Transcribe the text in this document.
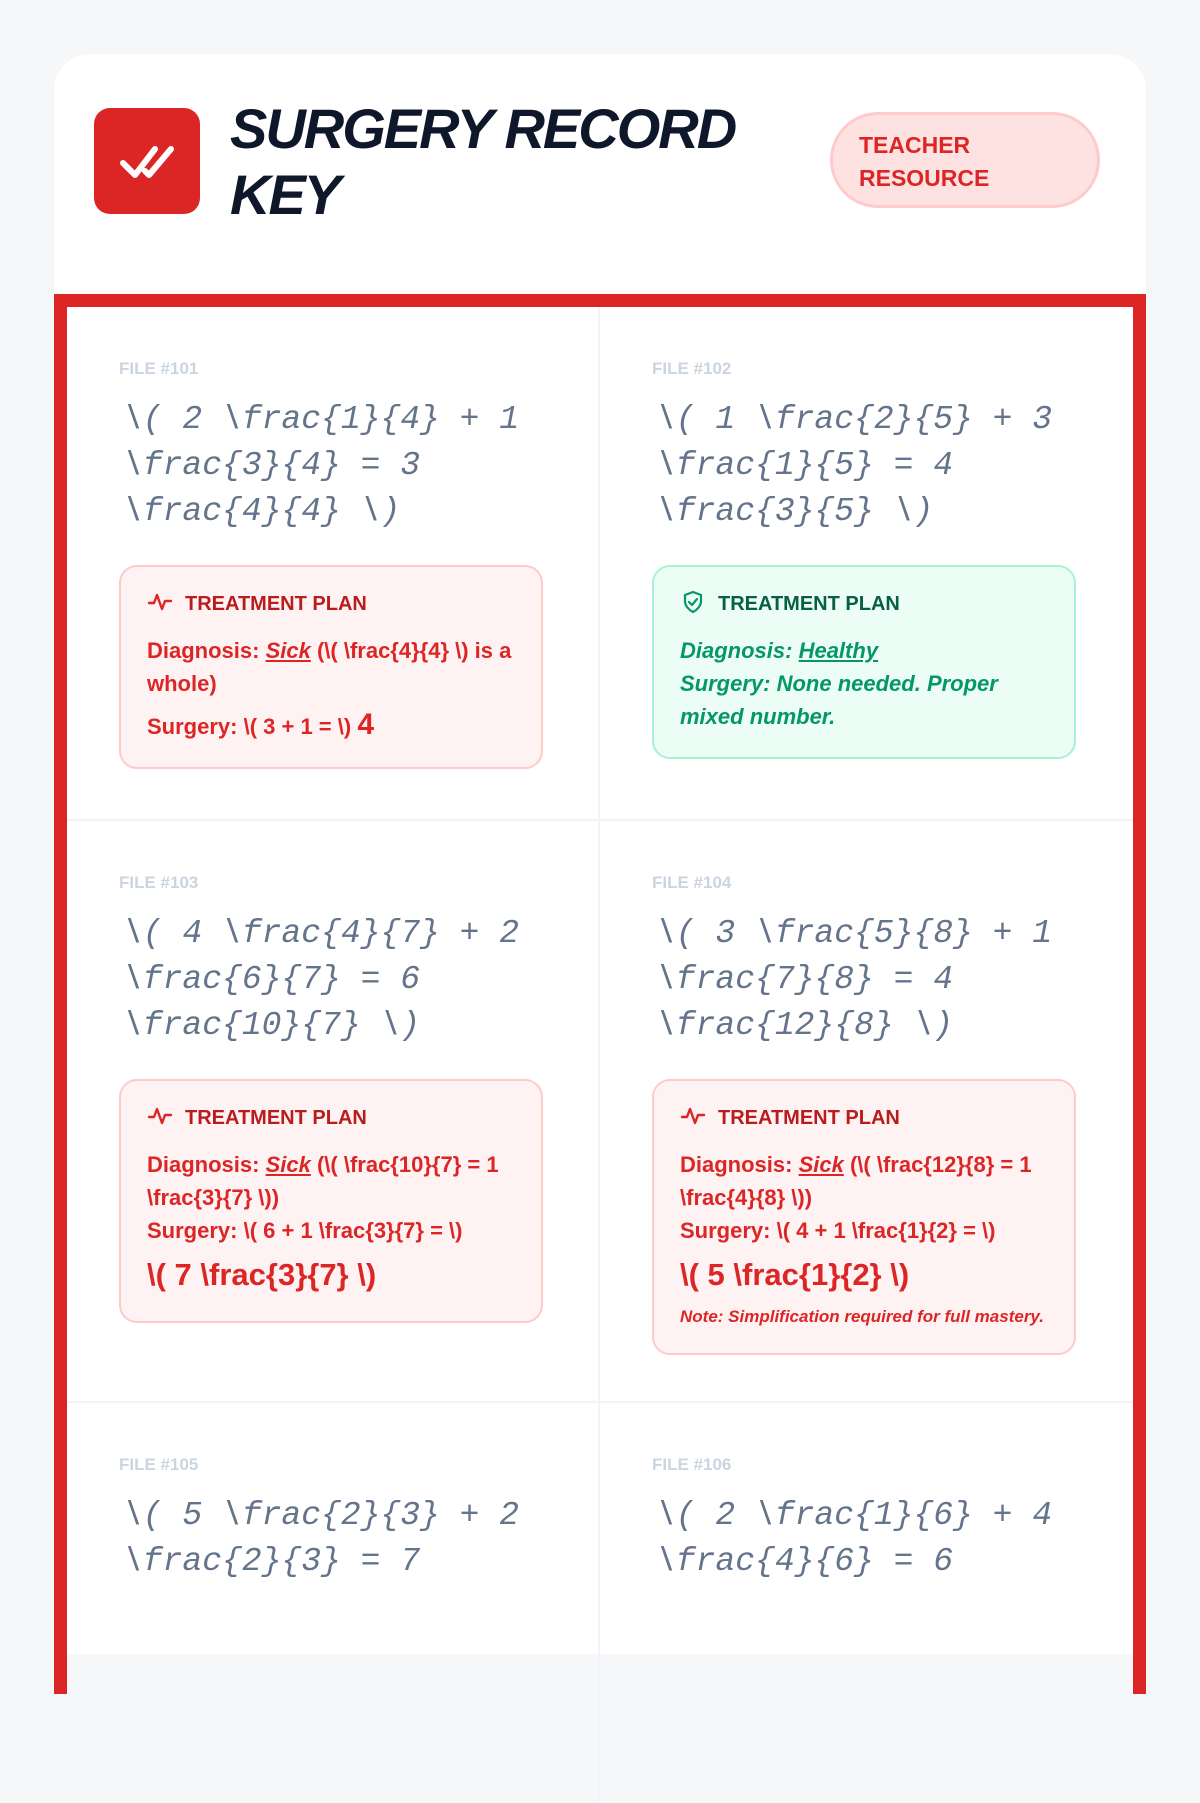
SURGERY RECORD KEY
TEACHER RESOURCE
FILE #101
\( 2 \frac{1}{4} + 1 \frac{3}{4} = 3 \frac{4}{4} \)
TREATMENT PLAN
Diagnosis: Sick (\( \frac{4}{4} \) is a whole)
Surgery: \( 3 + 1 = \) 4
FILE #102
\( 1 \frac{2}{5} + 3 \frac{1}{5} = 4 \frac{3}{5} \)
TREATMENT PLAN
Diagnosis: Healthy
Surgery: None needed. Proper mixed number.
FILE #103
\( 4 \frac{4}{7} + 2 \frac{6}{7} = 6 \frac{10}{7} \)
TREATMENT PLAN
Diagnosis: Sick (\( \frac{10}{7} = 1 \frac{3}{7} \))
Surgery: \( 6 + 1 \frac{3}{7} = \)
\( 7 \frac{3}{7} \)
FILE #104
\( 3 \frac{5}{8} + 1 \frac{7}{8} = 4 \frac{12}{8} \)
TREATMENT PLAN
Diagnosis: Sick (\( \frac{12}{8} = 1 \frac{4}{8} \))
Surgery: \( 4 + 1 \frac{1}{2} = \)
\( 5 \frac{1}{2} \)
Note: Simplification required for full mastery.
FILE #105
\( 5 \frac{2}{3} + 2 \frac{2}{3} = 7
FILE #106
\( 2 \frac{1}{6} + 4 \frac{4}{6} = 6
